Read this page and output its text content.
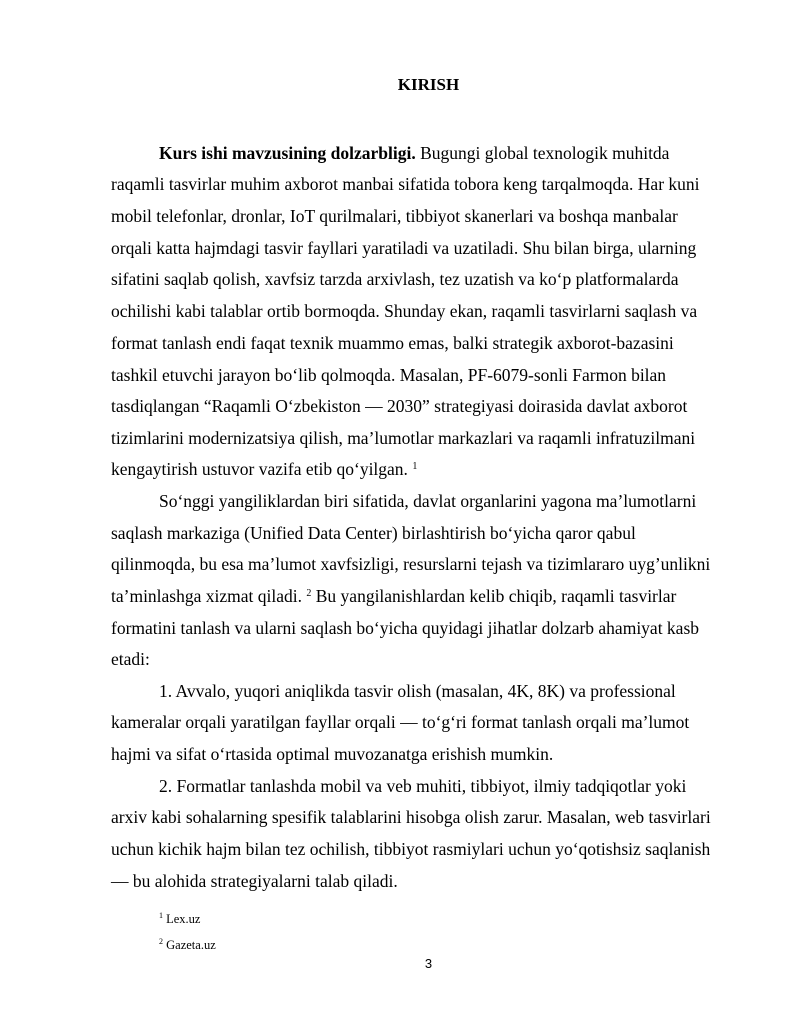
KIRISH
Kurs ishi mavzusining dolzarbligi. Bugungi global texnologik muhitda
raqamli tasvirlar muhim axborot manbai sifatida tobora keng tarqalmoqda. Har kuni
mobil telefonlar, dronlar, IoT qurilmalari, tibbiyot skanerlari va boshqa manbalar
orqali katta hajmdagi tasvir fayllari yaratiladi va uzatiladi. Shu bilan birga, ularning
sifatini saqlab qolish, xavfsiz tarzda arxivlash, tez uzatish va ko‘p platformalarda
ochilishi kabi talablar ortib bormoqda. Shunday ekan, raqamli tasvirlarni saqlash va
format tanlash endi faqat texnik muammo emas, balki strategik axborot-bazasini
tashkil etuvchi jarayon bo‘lib qolmoqda. Masalan, PF-6079-sonli Farmon bilan
tasdiqlangan “Raqamli O‘zbekiston — 2030” strategiyasi doirasida davlat axborot
tizimlarini modernizatsiya qilish, ma’lumotlar markazlari va raqamli infratuzilmani
kengaytirish ustuvor vazifa etib qo‘yilgan. $^1$
So‘nggi yangiliklardan biri sifatida, davlat organlarini yagona ma’lumotlarni
saqlash markaziga (Unified Data Center) birlashtirish bo‘yicha qaror qabul
qilinmoqda, bu esa ma’lumot xavfsizligi, resurslarni tejash va tizimlararo uyg’unlikni
ta’minlashga xizmat qiladi. $^2$ Bu yangilanishlardan kelib chiqib, raqamli tasvirlar
formatini tanlash va ularni saqlash bo‘yicha quyidagi jihatlar dolzarb ahamiyat kasb
etadi:
1. Avvalo, yuqori aniqlikda tasvir olish (masalan, 4K, 8K) va professional
kameralar orqali yaratilgan fayllar orqali — to‘g‘ri format tanlash orqali ma’lumot
hajmi va sifat o‘rtasida optimal muvozanatga erishish mumkin.
2. Formatlar tanlashda mobil va veb muhiti, tibbiyot, ilmiy tadqiqotlar yoki
arxiv kabi sohalarning spesifik talablarini hisobga olish zarur. Masalan, web tasvirlari
uchun kichik hajm bilan tez ochilish, tibbiyot rasmiylari uchun yo‘qotishsiz saqlanish
— bu alohida strategiyalarni talab qiladi.
$^1$ Lex.uz
$^2$ Gazeta.uz
3
